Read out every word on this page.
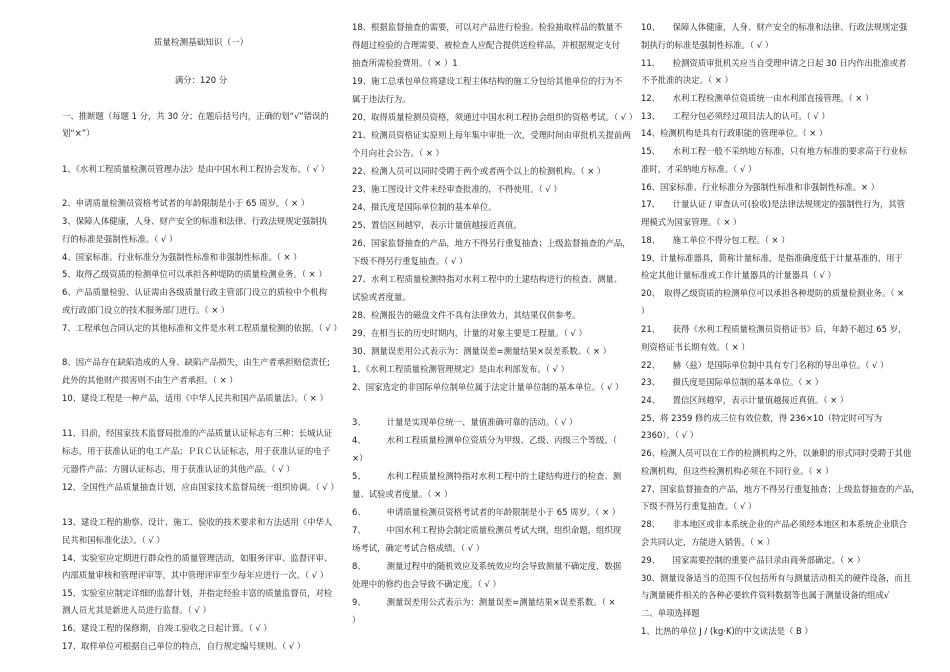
质量检测基础知识（一）
满分：120 分
一、推断题（每题 1 分，共 30 分；在题后括号内，正确的划“√”错误的
划“×”）
1、《水利工程质量检测员管理办法》是由中国水利工程协会发布。（ √ ）
2、申请质量检测员资格考试者的年龄限制是小于 65 周岁。（ × ）
3、保障人体健康，人身、财产安全的标准和法律、行政法规规定强制执
行的标准是强制性标准。（ √ ）
4、国家标准、行业标准分为强制性标准和非强制性标准。（ × ）
5、取得乙级资质的检测单位可以承担各种堤防的质量检测业务。（ × ）
6、产品质量检验、认证需由各级质量行政主管部门设立的质检中个机构
或行政部门设立的技术服务部门进行。（ × ）
7、工程承包合同认定的其他标准和文件是水利工程质量检测的依据。（ √ ）
8、因产品存在缺陷造成的人身、缺陷产品损失，由生产者承担赔偿责任;
此外的其他财产损害则不由生产者承担。（ × ）
10、建设工程是一种产品，适用《中华人民共和国产品质量法》。（ × ）
11、目前，经国家技术监督局批准的产品质量认证标志有三种：长城认证
标志，用于获准认证的电工产品；ＰＲＣ认证标志，用于获准认证的电子
元器件产品；方圆认证标志，用于获准认证的其他产品。（ √ ）
12、全国性产品质量抽查计划，应由国家技术监督局统一组织协调。（ √ ）
13、建设工程的勘察、设计、施工、验收的技术要求和方法适用《中华人
民共和国标准化法》。（ √ ）
14、实验室应定期进行群众性的质量管理活动，如服务评审、监督评审、
内部质量审核和管理评审等，其中管理评审至少每年应进行一次。（ √ ）
15、实验室应制定详细的监督计划，并指定经验丰富的质量监督员，对检
测人员尤其是新进人员进行监督。（ √ ）
16、建设工程的保修期，自竣工验收之日起计算。（ √ ）
17、取样单位可根据自己单位的特点，自行规定编号规则。（ √ ）
18、根据监督抽查的需要，可以对产品进行检验。检验抽取样品的数量不
得超过检验的合理需要，被检查人应配合提供送检样品，并根据规定支付
抽查所需检验费用。（ × ）1
19、施工总承包单位将建设工程主体结构的施工分包给其他单位的行为不
属于违法行为。
20、取得质量检测员资格，须通过中国水利工程协会组织的资格考试。（ √ ）
21、检测员资格证实原则上每年集中审批一次，受理时间由审批机关提前两
个月向社会公告。（ × ）
22、检测人员可以同时受聘于两个或者两个以上的检测机构。（ × ）
23、施工图设计文件未经审查批准的，不得使用。（ √ ）
24、摄氏度是国际单位制的基本单位。
25、置信区间越窄，表示计量值越接近真值。
26、国家监督抽查的产品，地方不得另行重复抽查；上级监督抽查的产品，
下级不得另行重复抽查。（ √ ）
27、水利工程质量检测特指对水利工程中的土建结构进行的检查、测量、
试验或者度量。
28、检测报告的磁盘文件不具有法律效力，其结果仅供参考。
29、在相当长的历史时期内，计量的对象主要是工程量。（ √ ）
30、测量误差用公式表示为：测量误差=测量结果×误差系数。（ × ）
1、《水利工程质量检测管理规定》是由水利部发布。（ √ ）
2、国家选定的非国际单位制单位属于法定计量单位制的基本单位。（ √ ）
3、　　　计量是实现单位统一、量值准确可靠的活动。（ √ ）
4、　　　水利工程质量检测单位资质分为甲级、乙级、丙级三个等级。（
×）
5、　　　水利工程质量检测特指对水利工程中的土建结构进行的检查、测
量、试验或者度量。（ × ）
6、　　　申请质量检测员资格考试者的年龄限制是小于 65 周岁。（ × ）
7、　　　中国水利工程协会制定质量检测员考试大纲，组织命题，组织现
场考试，确定考试合格成绩。（ √ ）
8、　　　测量过程中的随机效应及系统效应均会导致测量不确定度，数据
处理中的修约也会导致不确定度。（ √ ）
9、　　　测量误差用公式表示为：测量误差=测量结果×误差系数。（ ×
）
10、　　保障人体健康，人身、财产安全的标准和法律、行政法规规定强
制执行的标准是强制性标准。（ √ ）
11、　　检测资质审批机关应当自受理申请之日起 30 日内作出批准或者
不予批准的决定。（ × ）
12、　　水利工程检测单位资质统一由水利部直接管理。（ × ）
13、　　工程分包必须经过项目法人的认可。（ √ ）
14、检测机构是具有行政职能的管理单位。（ × ）
15、　　水利工程一般不采纳地方标准，只有地方标准的要求高于行业标
准时，才采纳地方标准。（ √ ）
16、国家标准、行业标准分为强制性标准和非强制性标准。× ）
17、　　计量认证 / 审查认可(验收)是法律法规规定的强制性行为，其管
理模式为国家管理。（ × ）
18、　　施工单位不得分包工程。（ × ）
19、计量标准器具，简称计量标准，是指准确度低于计量基准的，用于
检定其他计量标准或工作计量器具的计量器具（ √ ）
20、　取得乙级资质的检测单位可以承担各种堤防的质量检测业务。（ ×
）
21、　　获得《水利工程质量检测员资格证书》后，年龄不超过 65 岁，
则资格证书长期有效。（ × ）
22、　　赫（兹）是国际单位制中具有专门名称的导出单位。（ √ ）
23、　　摄氏度是国际单位制的基本单位。（ × ）
24、　　置信区间越窄，表示计量值越接近真值。（ × ）
25、将 2359 修约成三位有效位数，得 236×10（特定时可写为
2360）。（ √ ）
26、检测人员可以在工作的检测机构之外，以兼职的形式同时受聘于其他
检测机构，但这些检测机构必须在不同行业。（ × ）
27、国家监督抽查的产品，地方不得另行重复抽查；上级监督抽查的产品，
下级不得另行重复抽查。（ √ ）
28、　　非本地区或非本系统企业的产品必须经本地区和本系统企业联合
会共同认定，方能进入销售。（ × ）
29、　　国家需要控制的重要产品目录由商务部确定。（ × ）
30、测量设备适当的范围不仅包括所有与测量活动相关的硬件设备，而且
与测量硬件相关的各种必要软件资料数据等也属于测量设备的组成√
二、单项选择题
1、比热的单位 J / (kg·K)的中文读法是（ B ）
